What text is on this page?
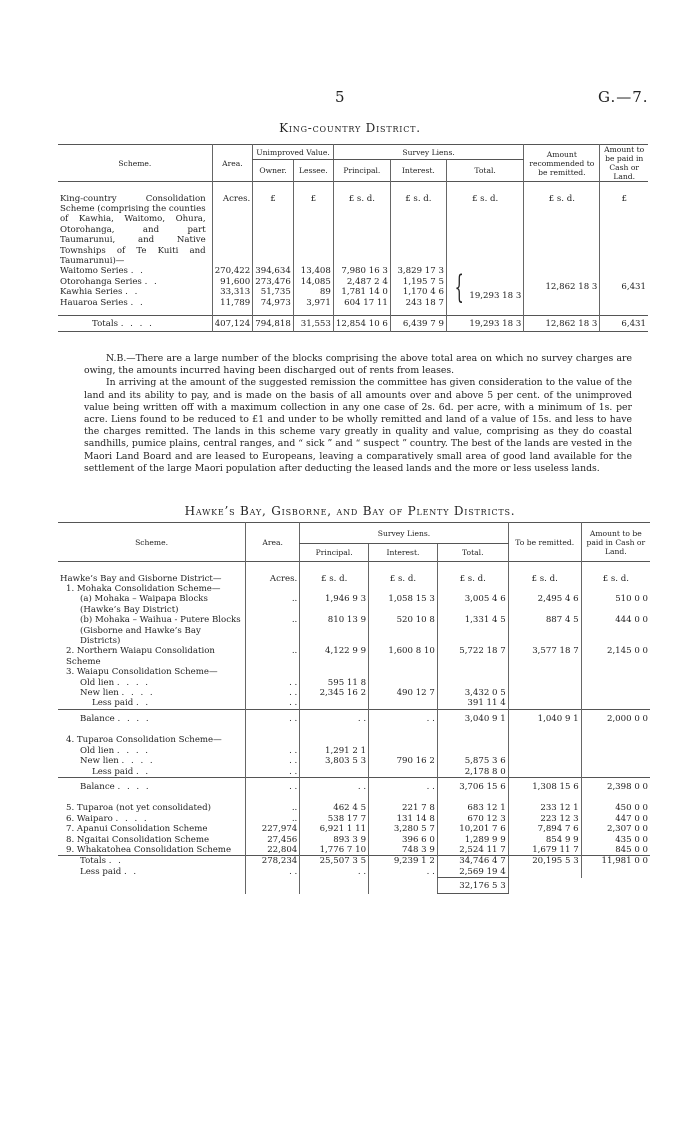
5	G.—7.
King-country District.
Scheme.	Area.	Unimproved Value.		Survey Liens.			Amount recommended to be remitted.	Amount to be paid in Cash or Land.
		Owner.	Lessee.	Principal.	Interest.	Total.		

King-country Consolidation Scheme (comprising the counties of Kawhia, Waitomo, Ohura, Otorohanga, and part Taumarunui, and Native Townships of Te Kuiti and Taumarunui)—	Acres.	£	£	£ s. d.	£ s. d.	£ s. d.	£ s. d.	£
Waitomo Series . .	270,422	394,634	13,408	7,980 16 3	3,829 17 3	{ 19,293 18 3	12,862 18 3	6,431
Otorohanga Series . .	91,600	273,476	14,085	2,487 2 4	1,195 7 5			
Kawhia Series . .	33,313	51,735	89	1,781 14 0	1,170 4 6			
Hauaroa Series . .	11,789	74,973	3,971	604 17 11	243 18 7			

Totals . . . .	407,124	794,818	31,553	12,854 10 6	6,439 7 9	19,293 18 3	12,862 18 3	6,431

N.B.—There are a large number of the blocks comprising the above total area on which no survey charges are owing, the amounts incurred having been discharged out of rents from leases.

In arriving at the amount of the suggested remission the committee has given consideration to the value of the land and its ability to pay, and is made on the basis of all amounts over and above 5 per cent. of the unimproved value being written off with a maximum collection in any one case of 2s. 6d. per acre, with a minimum of 1s. per acre. Liens found to be reduced to £1 and under to be wholly remitted and land of a value of 15s. and less to have the charges remitted. The lands in this scheme vary greatly in quality and value, comprising as they do coastal sandhills, pumice plains, central ranges, and “ sick ” and “ suspect ” country. The best of the lands are vested in the Maori Land Board and are leased to Europeans, leaving a comparatively small area of good land available for the settlement of the large Maori population after deducting the leased lands and the more or less useless lands.

Hawke’s Bay, Gisborne, and Bay of Plenty Districts.
Scheme.	Area.	Survey Liens.			To be remitted.	Amount to be paid in Cash or Land.
		Principal.	Interest.	Total.		

Hawke’s Bay and Gisborne District—	Acres.	£ s. d.	£ s. d.	£ s. d.	£ s. d.	£ s. d.
1. Mohaka Consolidation Scheme—						
(a) Mohaka – Waipapa Blocks (Hawke’s Bay District)	..	1,946 9 3	1,058 15 3	3,005 4 6	2,495 4 6	510 0 0
(b) Mohaka – Waihua - Putere Blocks (Gisborne and Hawke’s Bay Districts)	..	810 13 9	520 10 8	1,331 4 5	887 4 5	444 0 0
2. Northern Waiapu Consolidation Scheme	..	4,122 9 9	1,600 8 10	5,722 18 7	3,577 18 7	2,145 0 0
3. Waiapu Consolidation Scheme—						
Old lien . . . .	. .	595 11 8				
New lien . . . .	. .	2,345 16 2	490 12 7	3,432 0 5		
Less paid . .	. .			391 11 4		
Balance . . . .	. .	. .	. .	3,040 9 1	1,040 9 1	2,000 0 0

4. Tuparoa Consolidation Scheme—						
Old lien . . . .	. .	1,291 2 1				
New lien . . . .	. .	3,803 5 3	790 16 2	5,875 3 6		
Less paid . .	. .			2,178 8 0		
Balance . . . .	. .	. .	. .	3,706 15 6	1,308 15 6	2,398 0 0

5. Tuparoa (not yet consolidated)	..	462 4 5	221 7 8	683 12 1	233 12 1	450 0 0
6. Waiparo . . . .	..	538 17 7	131 14 8	670 12 3	223 12 3	447 0 0
7. Apanui Consolidation Scheme	227,974	6,921 1 11	3,280 5 7	10,201 7 6	7,894 7 6	2,307 0 0
8. Ngaitai Consolidation Scheme	27,456	893 3 9	396 6 0	1,289 9 9	854 9 9	435 0 0
9. Whakatohea Consolidation Scheme	22,804	1,776 7 10	748 3 9	2,524 11 7	1,679 11 7	845 0 0
Totals . .	278,234	25,507 3 5	9,239 1 2	34,746 4 7	20,195 5 3	11,981 0 0
Less paid . .	. .	. .	. .	2,569 19 4		
				32,176 5 3		
